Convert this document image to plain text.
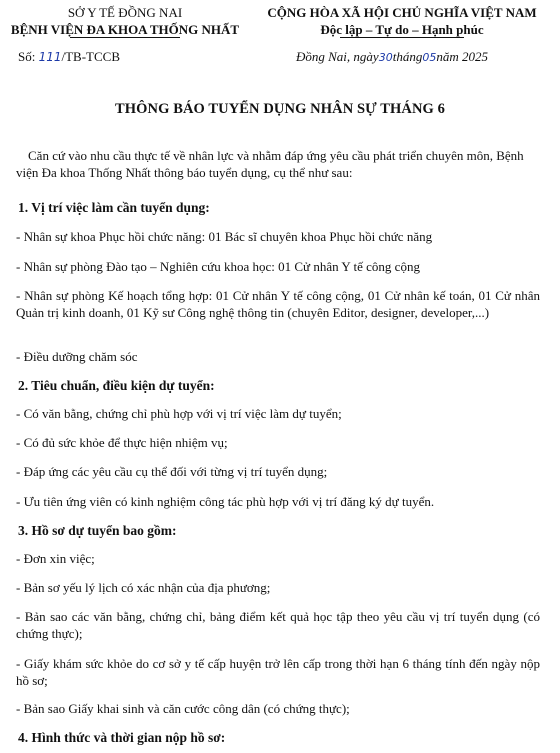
SỞ Y TẾ ĐỒNG NAI
BỆNH VIỆN ĐA KHOA THỐNG NHẤT
Số: 111/TB-TCCB
CỘNG HÒA XÃ HỘI CHỦ NGHĨA VIỆT NAM
Độc lập – Tự do – Hạnh phúc
Đồng Nai, ngày30tháng05năm 2025
THÔNG BÁO TUYỂN DỤNG NHÂN SỰ THÁNG 6
Căn cứ vào nhu cầu thực tế về nhân lực và nhằm đáp ứng yêu cầu phát triển chuyên môn, Bệnh viện Đa khoa Thống Nhất thông báo tuyển dụng, cụ thể như sau:
1. Vị trí việc làm cần tuyển dụng:
- Nhân sự khoa Phục hồi chức năng: 01 Bác sĩ chuyên khoa Phục hồi chức năng
- Nhân sự phòng Đào tạo – Nghiên cứu khoa học: 01 Cử nhân Y tế công cộng
- Nhân sự phòng Kế hoạch tổng hợp: 01 Cử nhân Y tế công cộng, 01 Cử nhân kế toán, 01 Cử nhân Quản trị kinh doanh, 01 Kỹ sư Công nghệ thông tin (chuyên Editor, designer, developer,...)
- Điều dưỡng chăm sóc
2. Tiêu chuẩn, điều kiện dự tuyển:
- Có văn bằng, chứng chỉ phù hợp với vị trí việc làm dự tuyển;
- Có đủ sức khỏe để thực hiện nhiệm vụ;
- Đáp ứng các yêu cầu cụ thể đối với từng vị trí tuyển dụng;
- Ưu tiên ứng viên có kinh nghiệm công tác phù hợp với vị trí đăng ký dự tuyển.
3. Hồ sơ dự tuyển bao gồm:
- Đơn xin việc;
- Bản sơ yếu lý lịch có xác nhận của địa phương;
- Bản sao các văn bằng, chứng chỉ, bảng điểm kết quả học tập theo yêu cầu vị trí tuyển dụng (có chứng thực);
- Giấy khám sức khỏe do cơ sở y tế cấp huyện trở lên cấp trong thời hạn 6 tháng tính đến ngày nộp hồ sơ;
- Bản sao Giấy khai sinh và căn cước công dân (có chứng thực);
4. Hình thức và thời gian nộp hồ sơ:
